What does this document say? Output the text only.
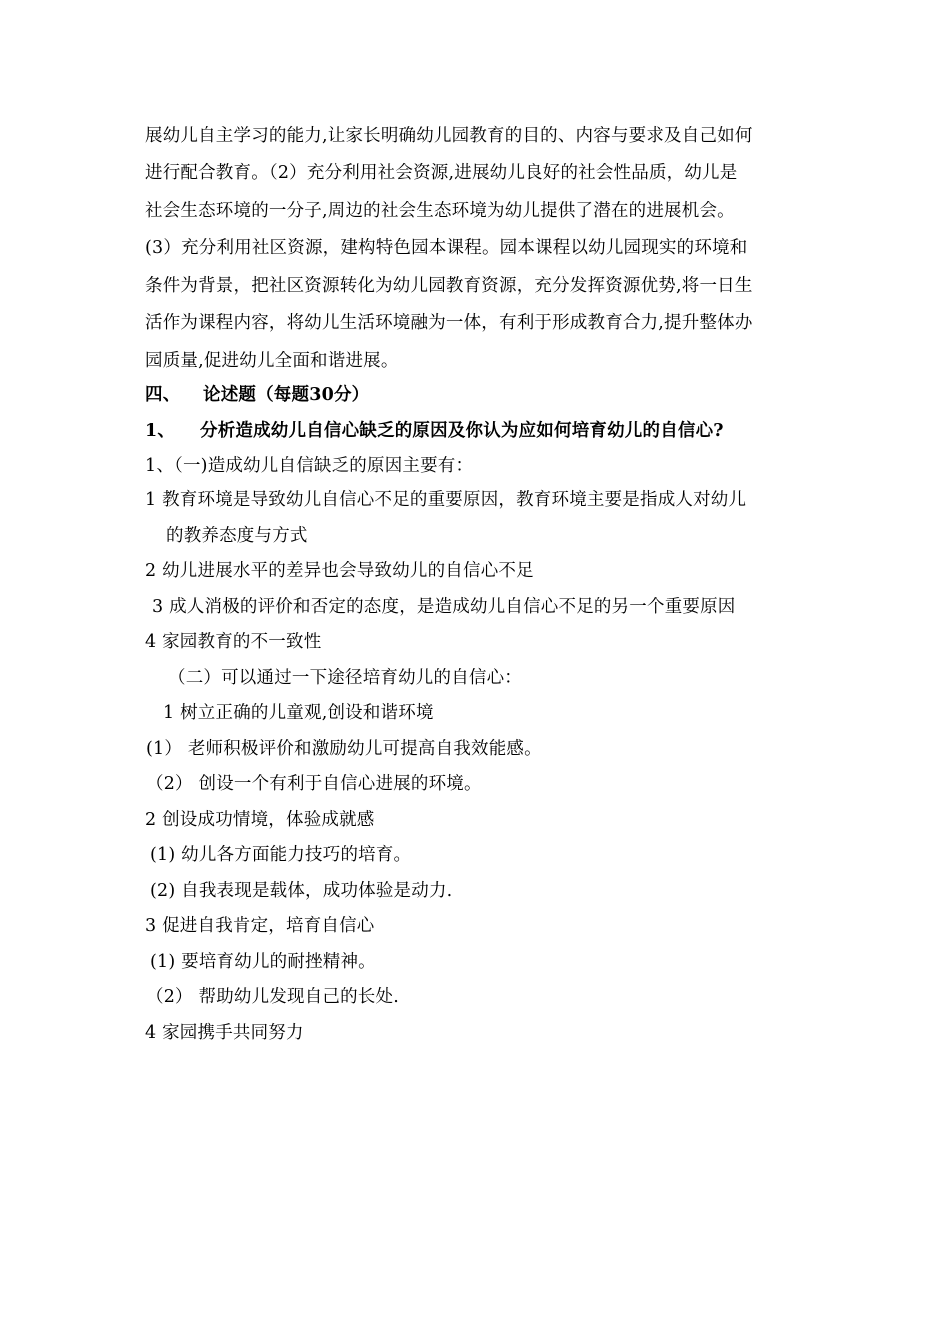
展幼儿自主学习的能力,让家长明确幼儿园教育的目的、内容与要求及自己如何
进行配合教育。（2）充分利用社会资源,进展幼儿良好的社会性品质，幼儿是
社会生态环境的一分子,周边的社会生态环境为幼儿提供了潜在的进展机会。
(3）充分利用社区资源，建构特色园本课程。园本课程以幼儿园现实的环境和
条件为背景，把社区资源转化为幼儿园教育资源，充分发挥资源优势,将一日生
活作为课程内容，将幼儿生活环境融为一体，有利于形成教育合力,提升整体办
园质量,促进幼儿全面和谐进展。
四、 论述题（每题30分）
1、 分析造成幼儿自信心缺乏的原因及你认为应如何培育幼儿的自信心?
1、（一)造成幼儿自信缺乏的原因主要有：
1 教育环境是导致幼儿自信心不足的重要原因，教育环境主要是指成人对幼儿
的教养态度与方式
2 幼儿进展水平的差异也会导致幼儿的自信心不足
3 成人消极的评价和否定的态度，是造成幼儿自信心不足的另一个重要原因
4 家园教育的不一致性
（二）可以通过一下途径培育幼儿的自信心：
1 树立正确的儿童观,创设和谐环境
(1） 老师积极评价和激励幼儿可提高自我效能感。
（2） 创设一个有利于自信心进展的环境。
2 创设成功情境，体验成就感
(1) 幼儿各方面能力技巧的培育。
(2) 自我表现是载体，成功体验是动力.
3 促进自我肯定，培育自信心
(1) 要培育幼儿的耐挫精神。
（2） 帮助幼儿发现自己的长处.
4 家园携手共同努力
